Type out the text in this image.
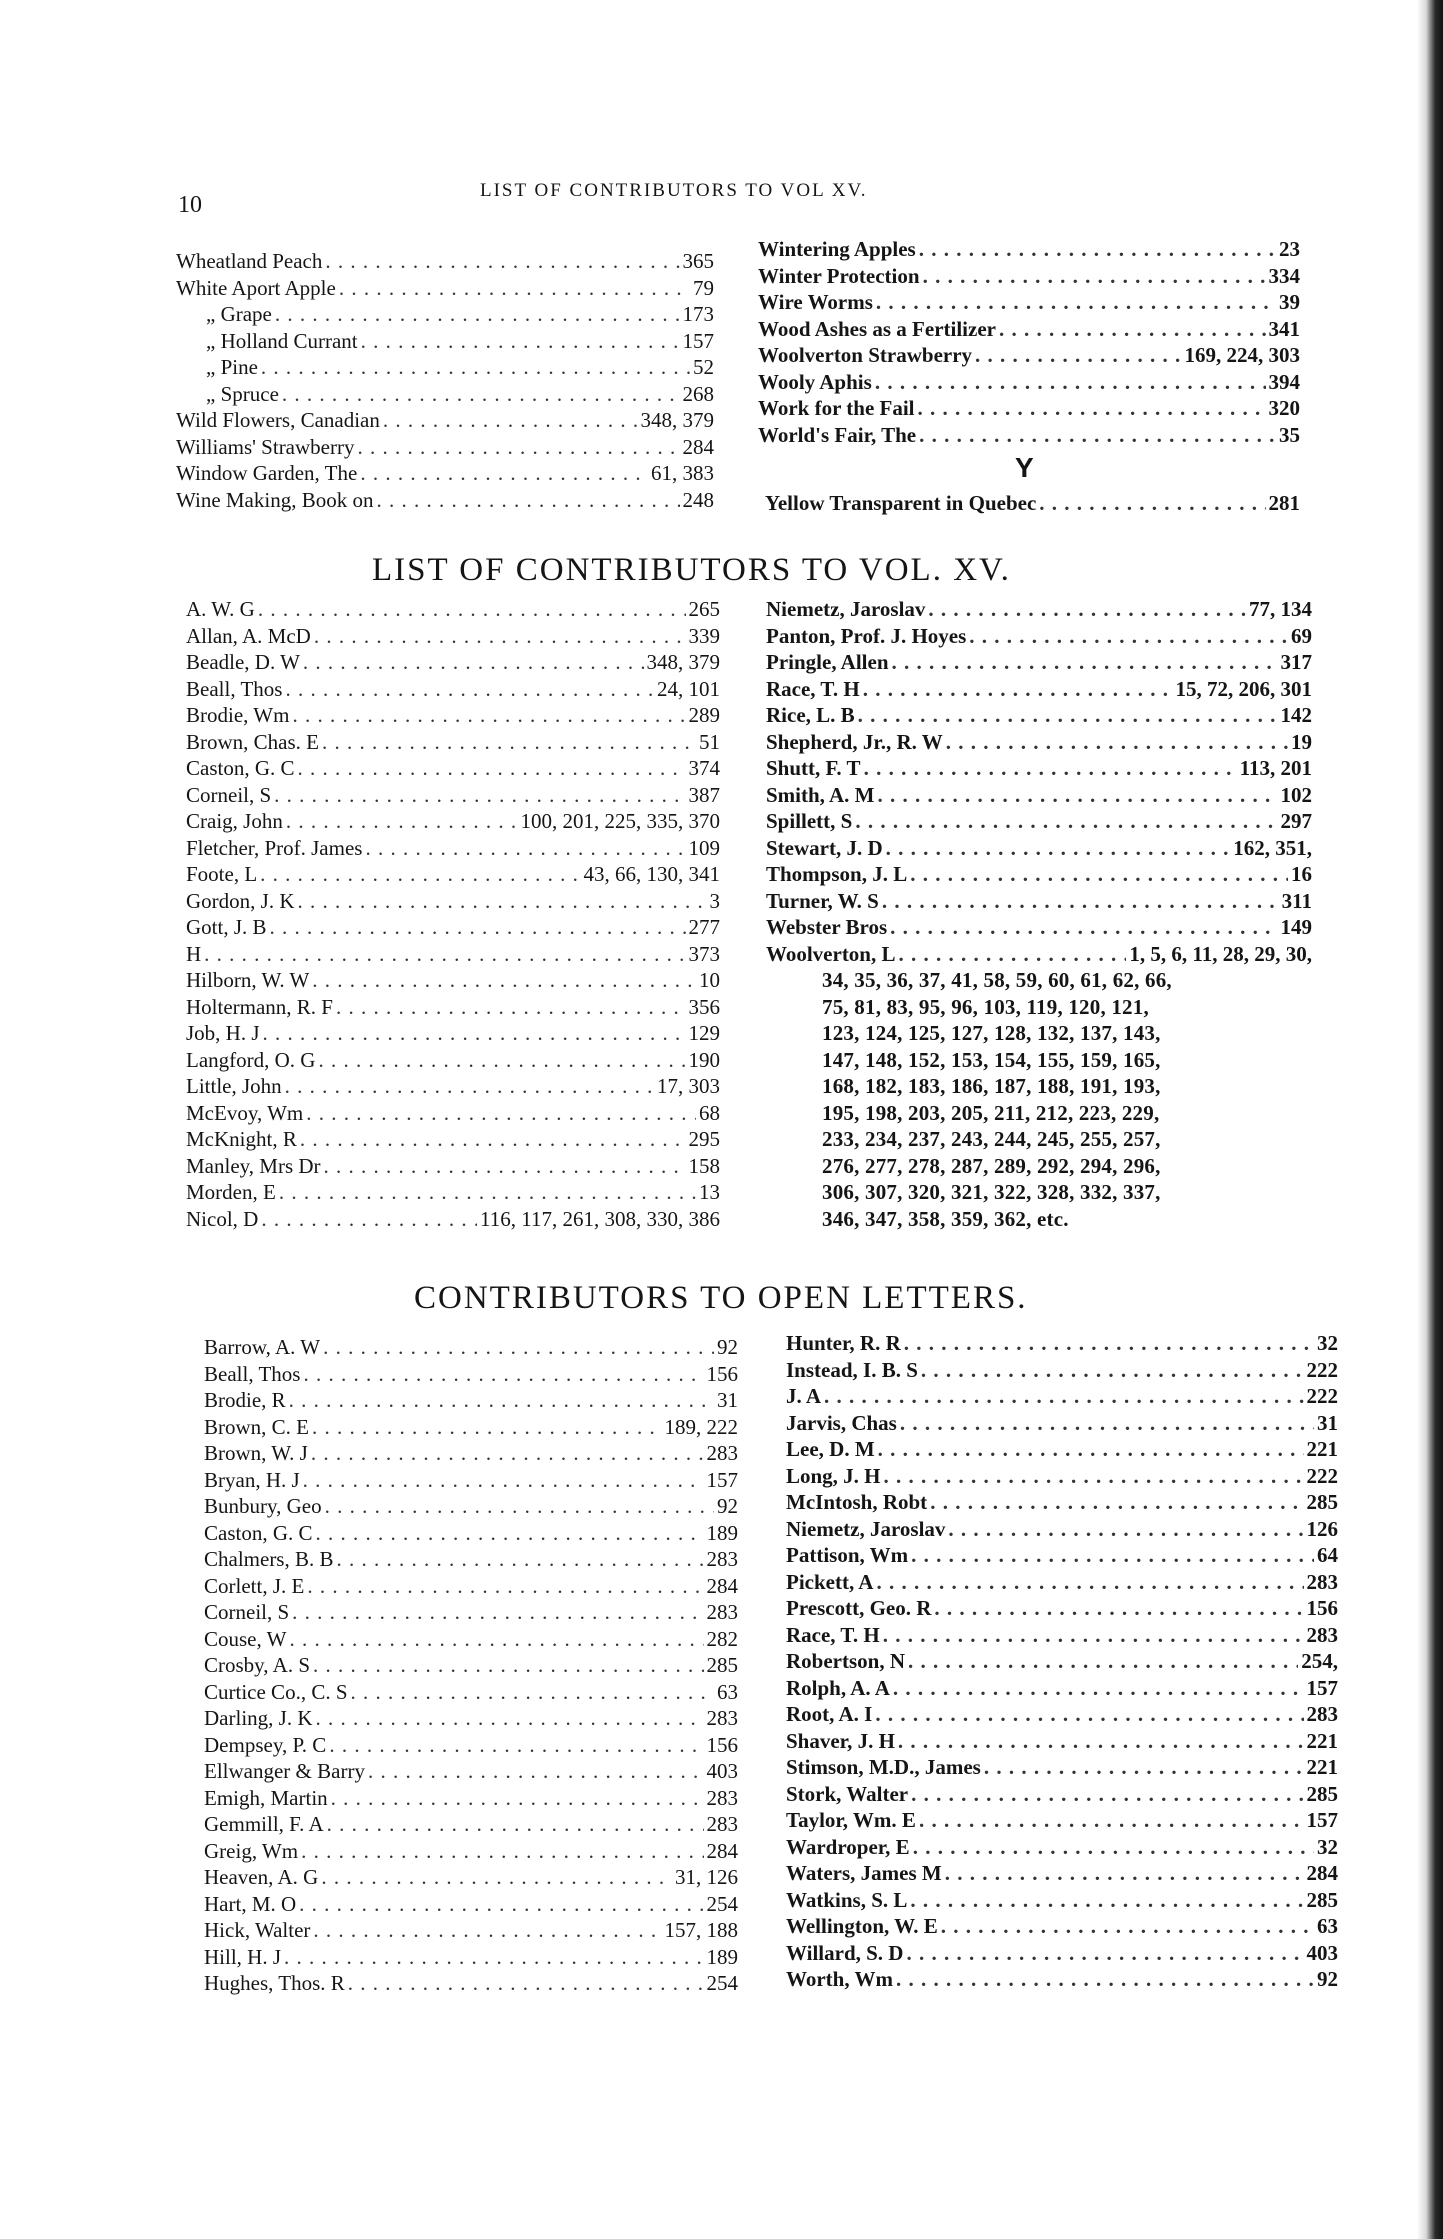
10
LIST OF CONTRIBUTORS TO VOL XV.
Wheatland Peach . . .	365
White Aport Apple . . .	79
„ Grape . . .	173
„ Holland Currant . . .	157
„ Pine . . .	52
„ Spruce . . .	268
Wild Flowers, Canadian . . .	348, 379
Williams' Strawberry . . .	284
Window Garden, The . . .	61, 383
Wine Making, Book on . . .	248
Wintering Apples . . .	23
Winter Protection . . .	334
Wire Worms . . .	39
Wood Ashes as a Fertilizer . . .	341
Woolverton Strawberry . . .	169, 224, 303
Wooly Aphis . . .	394
Work for the Fail . . .	320
World's Fair, The . . .	35
Y
Yellow Transparent in Quebec . . .	281
LIST OF CONTRIBUTORS TO VOL. XV.
A. W. G . . .	265
Allan, A. McD . . .	339
Beadle, D. W . . .	348, 379
Beall, Thos . . .	24, 101
Brodie, Wm . . .	289
Brown, Chas. E . . .	51
Caston, G. C . . .	374
Corneil, S . . .	387
Craig, John . . .	100, 201, 225, 335, 370
Fletcher, Prof. James . . .	109
Foote, L . . .	43, 66, 130, 341
Gordon, J. K . . .	3
Gott, J. B . . .	277
H . . .	373
Hilborn, W. W . . .	10
Holtermann, R. F . . .	356
Job, H. J . . .	129
Langford, O. G . . .	190
Little, John . . .	17, 303
McEvoy, Wm . . .	68
McKnight, R . . .	295
Manley, Mrs Dr . . .	158
Morden, E . . .	13
Nicol, D . . .	116, 117, 261, 308, 330, 386
Niemetz, Jaroslav . . .	77, 134
Panton, Prof. J. Hoyes . . .	69
Pringle, Allen . . .	317
Race, T. H . . .	15, 72, 206, 301
Rice, L. B . . .	142
Shepherd, Jr., R. W . . .	19
Shutt, F. T . . .	113, 201
Smith, A. M . . .	102
Spillett, S . . .	297
Stewart, J. D . . .	162, 351,
Thompson, J. L . . .	16
Turner, W. S . . .	311
Webster Bros . . .	149
Woolverton, L . . .	1, 5, 6, 11, 28, 29, 30,
34, 35, 36, 37, 41, 58, 59, 60, 61, 62, 66,
75, 81, 83, 95, 96, 103, 119, 120, 121,
123, 124, 125, 127, 128, 132, 137, 143,
147, 148, 152, 153, 154, 155, 159, 165,
168, 182, 183, 186, 187, 188, 191, 193,
195, 198, 203, 205, 211, 212, 223, 229,
233, 234, 237, 243, 244, 245, 255, 257,
276, 277, 278, 287, 289, 292, 294, 296,
306, 307, 320, 321, 322, 328, 332, 337,
346, 347, 358, 359, 362, etc.
CONTRIBUTORS TO OPEN LETTERS.
Barrow, A. W . . .	92
Beall, Thos . . .	156
Brodie, R . . .	31
Brown, C. E . . .	189, 222
Brown, W. J . . .	283
Bryan, H. J . . .	157
Bunbury, Geo . . .	92
Caston, G. C . . .	189
Chalmers, B. B . . .	283
Corlett, J. E . . .	284
Corneil, S . . .	283
Couse, W . . .	282
Crosby, A. S . . .	285
Curtice Co., C. S . . .	63
Darling, J. K . . .	283
Dempsey, P. C . . .	156
Ellwanger & Barry . . .	403
Emigh, Martin . . .	283
Gemmill, F. A . . .	283
Greig, Wm . . .	284
Heaven, A. G . . .	31, 126
Hart, M. O . . .	254
Hick, Walter . . .	157, 188
Hill, H. J . . .	189
Hughes, Thos. R . . .	254
Hunter, R. R . . .	32
Instead, I. B. S . . .	222
J. A . . .	222
Jarvis, Chas . . .	31
Lee, D. M . . .	221
Long, J. H . . .	222
McIntosh, Robt . . .	285
Niemetz, Jaroslav . . .	126
Pattison, Wm . . .	64
Pickett, A . . .	283
Prescott, Geo. R . . .	156
Race, T. H . . .	283
Robertson, N . . .	254,
Rolph, A. A . . .	157
Root, A. I . . .	283
Shaver, J. H . . .	221
Stimson, M.D., James . . .	221
Stork, Walter . . .	285
Taylor, Wm. E . . .	157
Wardroper, E . . .	32
Waters, James M . . .	284
Watkins, S. L . . .	285
Wellington, W. E . . .	63
Willard, S. D . . .	403
Worth, Wm . . .	92
